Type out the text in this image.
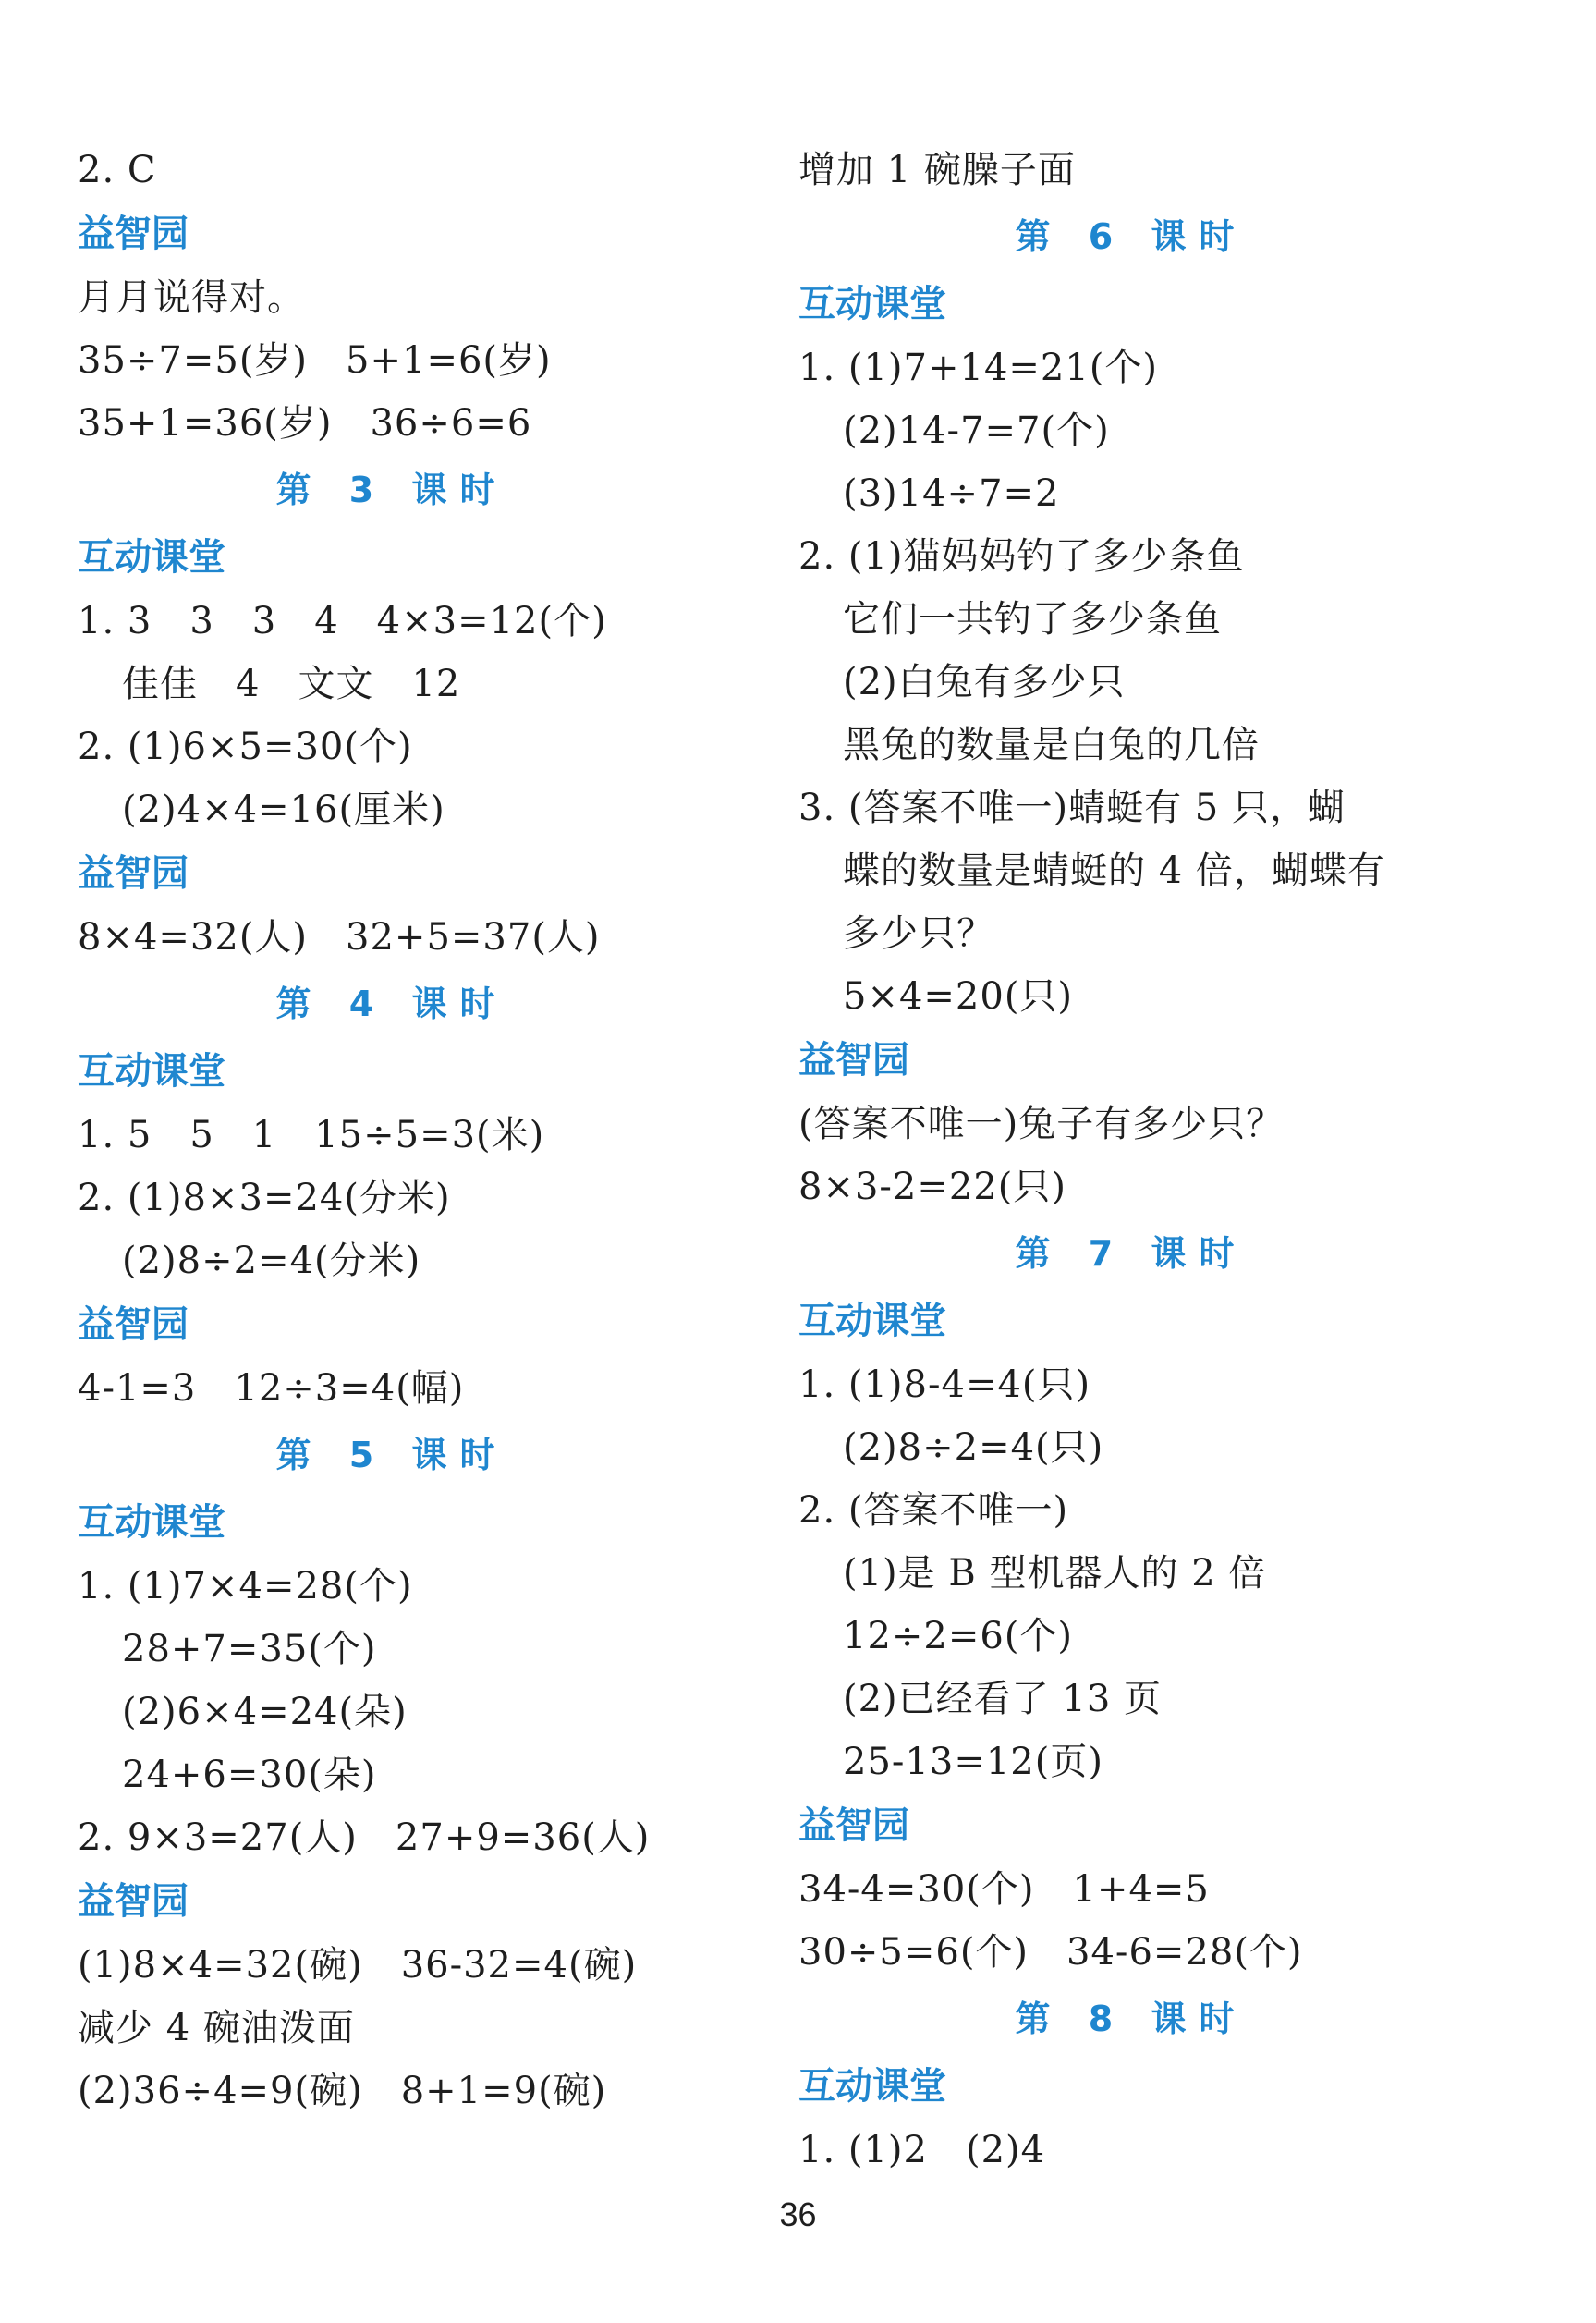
2. C
益智园
月月说得对。
35÷7=5(岁)　5+1=6(岁)
35+1=36(岁)　36÷6=6
第 3 课时
互动课堂
1. 3　3　3　4　4×3=12(个)
佳佳　4　文文　12
2. (1)6×5=30(个)
(2)4×4=16(厘米)
益智园
8×4=32(人)　32+5=37(人)
第 4 课时
互动课堂
1. 5　5　1　15÷5=3(米)
2. (1)8×3=24(分米)
(2)8÷2=4(分米)
益智园
4-1=3　12÷3=4(幅)
第 5 课时
互动课堂
1. (1)7×4=28(个)
28+7=35(个)
(2)6×4=24(朵)
24+6=30(朵)
2. 9×3=27(人)　27+9=36(人)
益智园
(1)8×4=32(碗)　36-32=4(碗)
减少 4 碗油泼面
(2)36÷4=9(碗)　8+1=9(碗)
增加 1 碗臊子面
第 6 课时
互动课堂
1. (1)7+14=21(个)
(2)14-7=7(个)
(3)14÷7=2
2. (1)猫妈妈钓了多少条鱼
它们一共钓了多少条鱼
(2)白兔有多少只
黑兔的数量是白兔的几倍
3. (答案不唯一)蜻蜓有 5 只，蝴
蝶的数量是蜻蜓的 4 倍，蝴蝶有
多少只？
5×4=20(只)
益智园
(答案不唯一)兔子有多少只？
8×3-2=22(只)
第 7 课时
互动课堂
1. (1)8-4=4(只)
(2)8÷2=4(只)
2. (答案不唯一)
(1)是 B 型机器人的 2 倍
12÷2=6(个)
(2)已经看了 13 页
25-13=12(页)
益智园
34-4=30(个)　1+4=5
30÷5=6(个)　34-6=28(个)
第 8 课时
互动课堂
1. (1)2　(2)4
36
